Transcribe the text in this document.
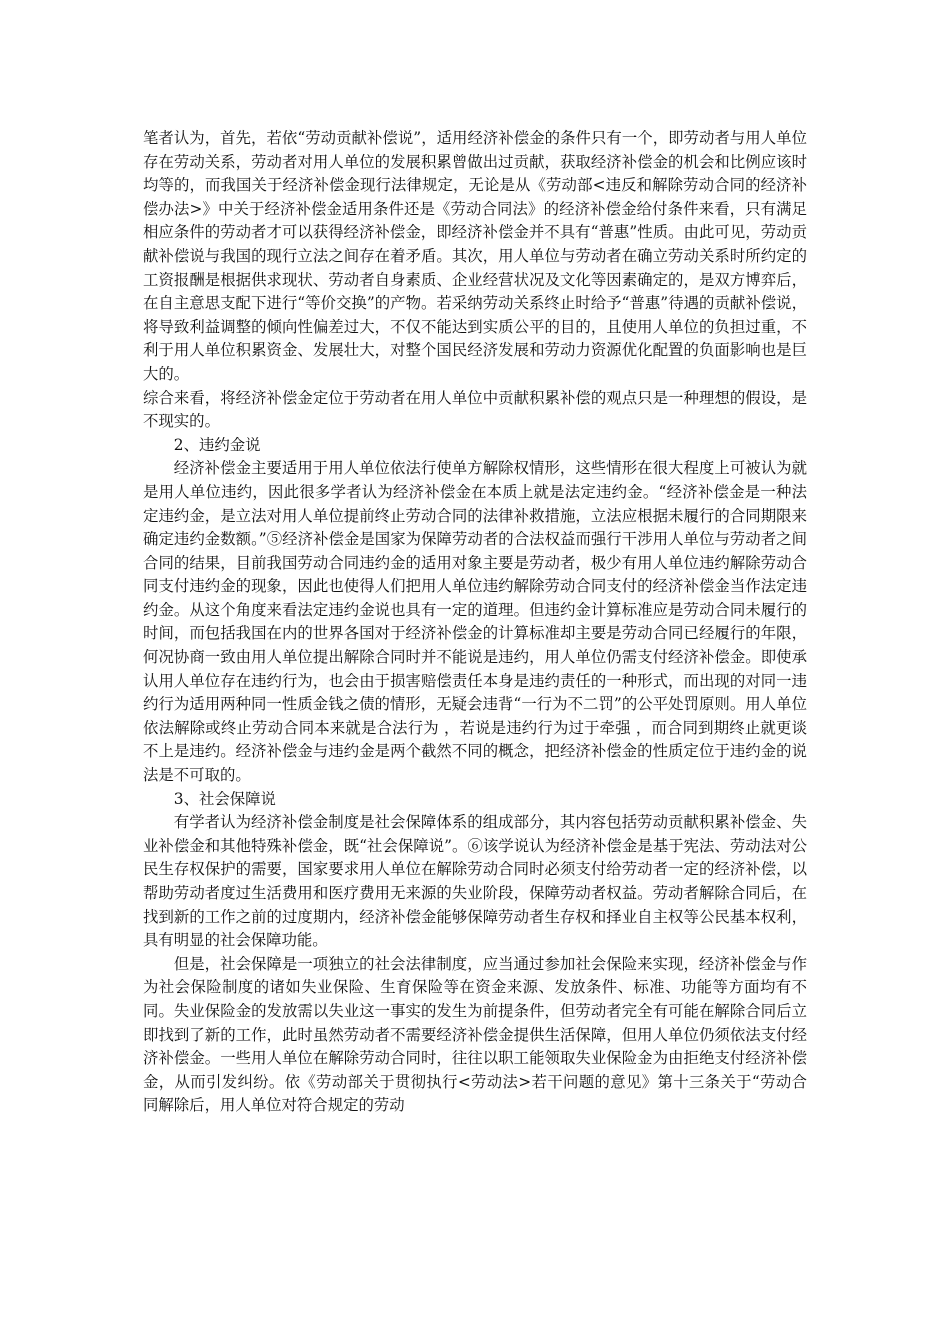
笔者认为，首先，若依“劳动贡献补偿说”，适用经济补偿金的条件只有一个，即劳动者与用人单位存在劳动关系，劳动者对用人单位的发展积累曾做出过贡献，获取经济补偿金的机会和比例应该时均等的，而我国关于经济补偿金现行法律规定，无论是从《劳动部<违反和解除劳动合同的经济补偿办法>》中关于经济补偿金适用条件还是《劳动合同法》的经济补偿金给付条件来看，只有满足相应条件的劳动者才可以获得经济补偿金，即经济补偿金并不具有“普惠”性质。由此可见，劳动贡献补偿说与我国的现行立法之间存在着矛盾。其次，用人单位与劳动者在确立劳动关系时所约定的工资报酬是根据供求现状、劳动者自身素质、企业经营状况及文化等因素确定的，是双方博弈后，在自主意思支配下进行“等价交换”的产物。若采纳劳动关系终止时给予“普惠”待遇的贡献补偿说，将导致利益调整的倾向性偏差过大，不仅不能达到实质公平的目的，且使用人单位的负担过重，不利于用人单位积累资金、发展壮大，对整个国民经济发展和劳动力资源优化配置的负面影响也是巨大的。

综合来看，将经济补偿金定位于劳动者在用人单位中贡献积累补偿的观点只是一种理想的假设，是不现实的。

2、违约金说

经济补偿金主要适用于用人单位依法行使单方解除权情形，这些情形在很大程度上可被认为就是用人单位违约，因此很多学者认为经济补偿金在本质上就是法定违约金。“经济补偿金是一种法定违约金，是立法对用人单位提前终止劳动合同的法律补救措施，立法应根据未履行的合同期限来确定违约金数额。”⑤经济补偿金是国家为保障劳动者的合法权益而强行干涉用人单位与劳动者之间合同的结果，目前我国劳动合同违约金的适用对象主要是劳动者，极少有用人单位违约解除劳动合同支付违约金的现象，因此也使得人们把用人单位违约解除劳动合同支付的经济补偿金当作法定违约金。从这个角度来看法定违约金说也具有一定的道理。但违约金计算标准应是劳动合同未履行的时间，而包括我国在内的世界各国对于经济补偿金的计算标准却主要是劳动合同已经履行的年限，何况协商一致由用人单位提出解除合同时并不能说是违约，用人单位仍需支付经济补偿金。即使承认用人单位存在违约行为，也会由于损害赔偿责任本身是违约责任的一种形式，而出现的对同一违约行为适用两种同一性质金钱之债的情形，无疑会违背“一行为不二罚”的公平处罚原则。用人单位依法解除或终止劳动合同本来就是合法行为 ，若说是违约行为过于牵强 ，而合同到期终止就更谈不上是违约。经济补偿金与违约金是两个截然不同的概念，把经济补偿金的性质定位于违约金的说法是不可取的。

3、社会保障说

有学者认为经济补偿金制度是社会保障体系的组成部分，其内容包括劳动贡献积累补偿金、失业补偿金和其他特殊补偿金，既“社会保障说”。⑥该学说认为经济补偿金是基于宪法、劳动法对公民生存权保护的需要，国家要求用人单位在解除劳动合同时必须支付给劳动者一定的经济补偿，以帮助劳动者度过生活费用和医疗费用无来源的失业阶段，保障劳动者权益。劳动者解除合同后，在找到新的工作之前的过度期内，经济补偿金能够保障劳动者生存权和择业自主权等公民基本权利，具有明显的社会保障功能。

但是，社会保障是一项独立的社会法律制度，应当通过参加社会保险来实现，经济补偿金与作为社会保险制度的诸如失业保险、生育保险等在资金来源、发放条件、标准、功能等方面均有不同。失业保险金的发放需以失业这一事实的发生为前提条件，但劳动者完全有可能在解除合同后立即找到了新的工作，此时虽然劳动者不需要经济补偿金提供生活保障，但用人单位仍须依法支付经济补偿金。一些用人单位在解除劳动合同时，往往以职工能领取失业保险金为由拒绝支付经济补偿金，从而引发纠纷。依《劳动部关于贯彻执行<劳动法>若干问题的意见》第十三条关于“劳动合同解除后，用人单位对符合规定的劳动
